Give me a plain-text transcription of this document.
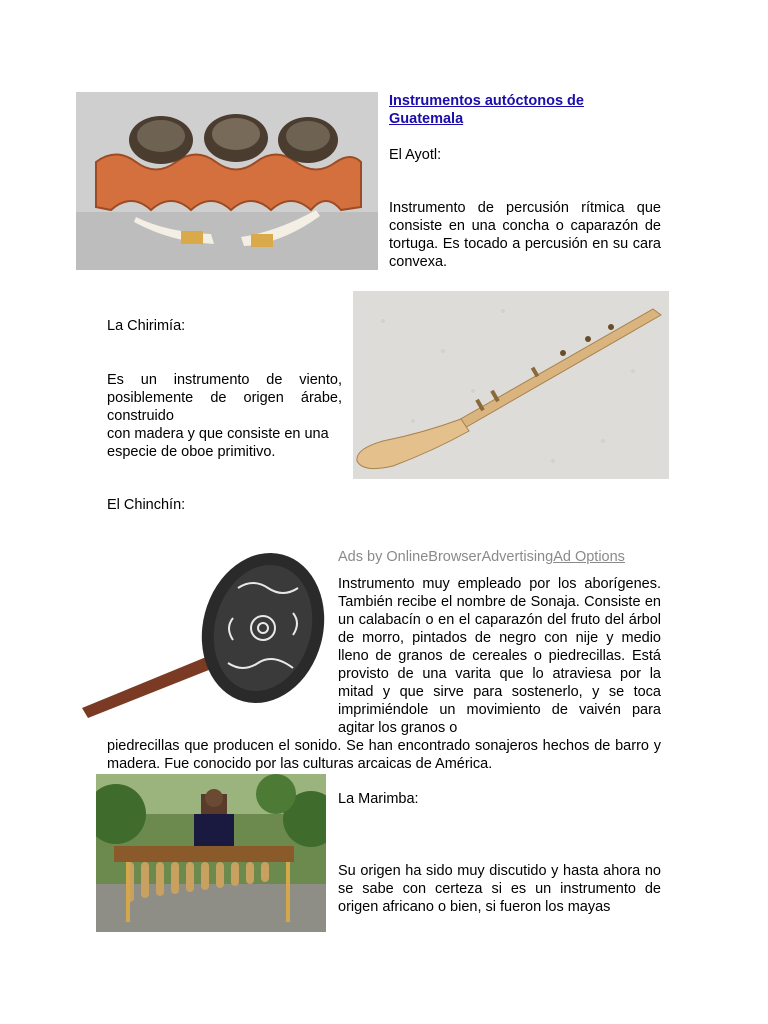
Instrumentos autóctonos de Guatemala
El Ayotl:
Instrumento de percusión rítmica que consiste en una concha o caparazón de tortuga. Es tocado a percusión en su cara convexa.
La Chirimía:
Es un instrumento de viento, posiblemente de origen árabe, construido
con madera y que consiste en una especie de oboe primitivo.
El Chinchín:
Ads by OnlineBrowserAdvertisingAd Options
Instrumento muy empleado por los aborígenes. También recibe el nombre de Sonaja. Consiste en un calabacín o en el caparazón del fruto del árbol de morro, pintados de negro con nije y medio lleno de granos de cereales o piedrecillas. Está provisto de una varita que lo atraviesa por la mitad y que sirve para sostenerlo, y se toca imprimiéndole un movimiento de vaivén para agitar los granos o
piedrecillas que producen el sonido. Se han encontrado sonajeros hechos de barro y madera. Fue conocido por las culturas arcaicas de América.
La Marimba:
Su origen ha sido muy discutido y hasta ahora no se sabe con certeza si es un instrumento de origen africano o bien, si fueron los mayas
